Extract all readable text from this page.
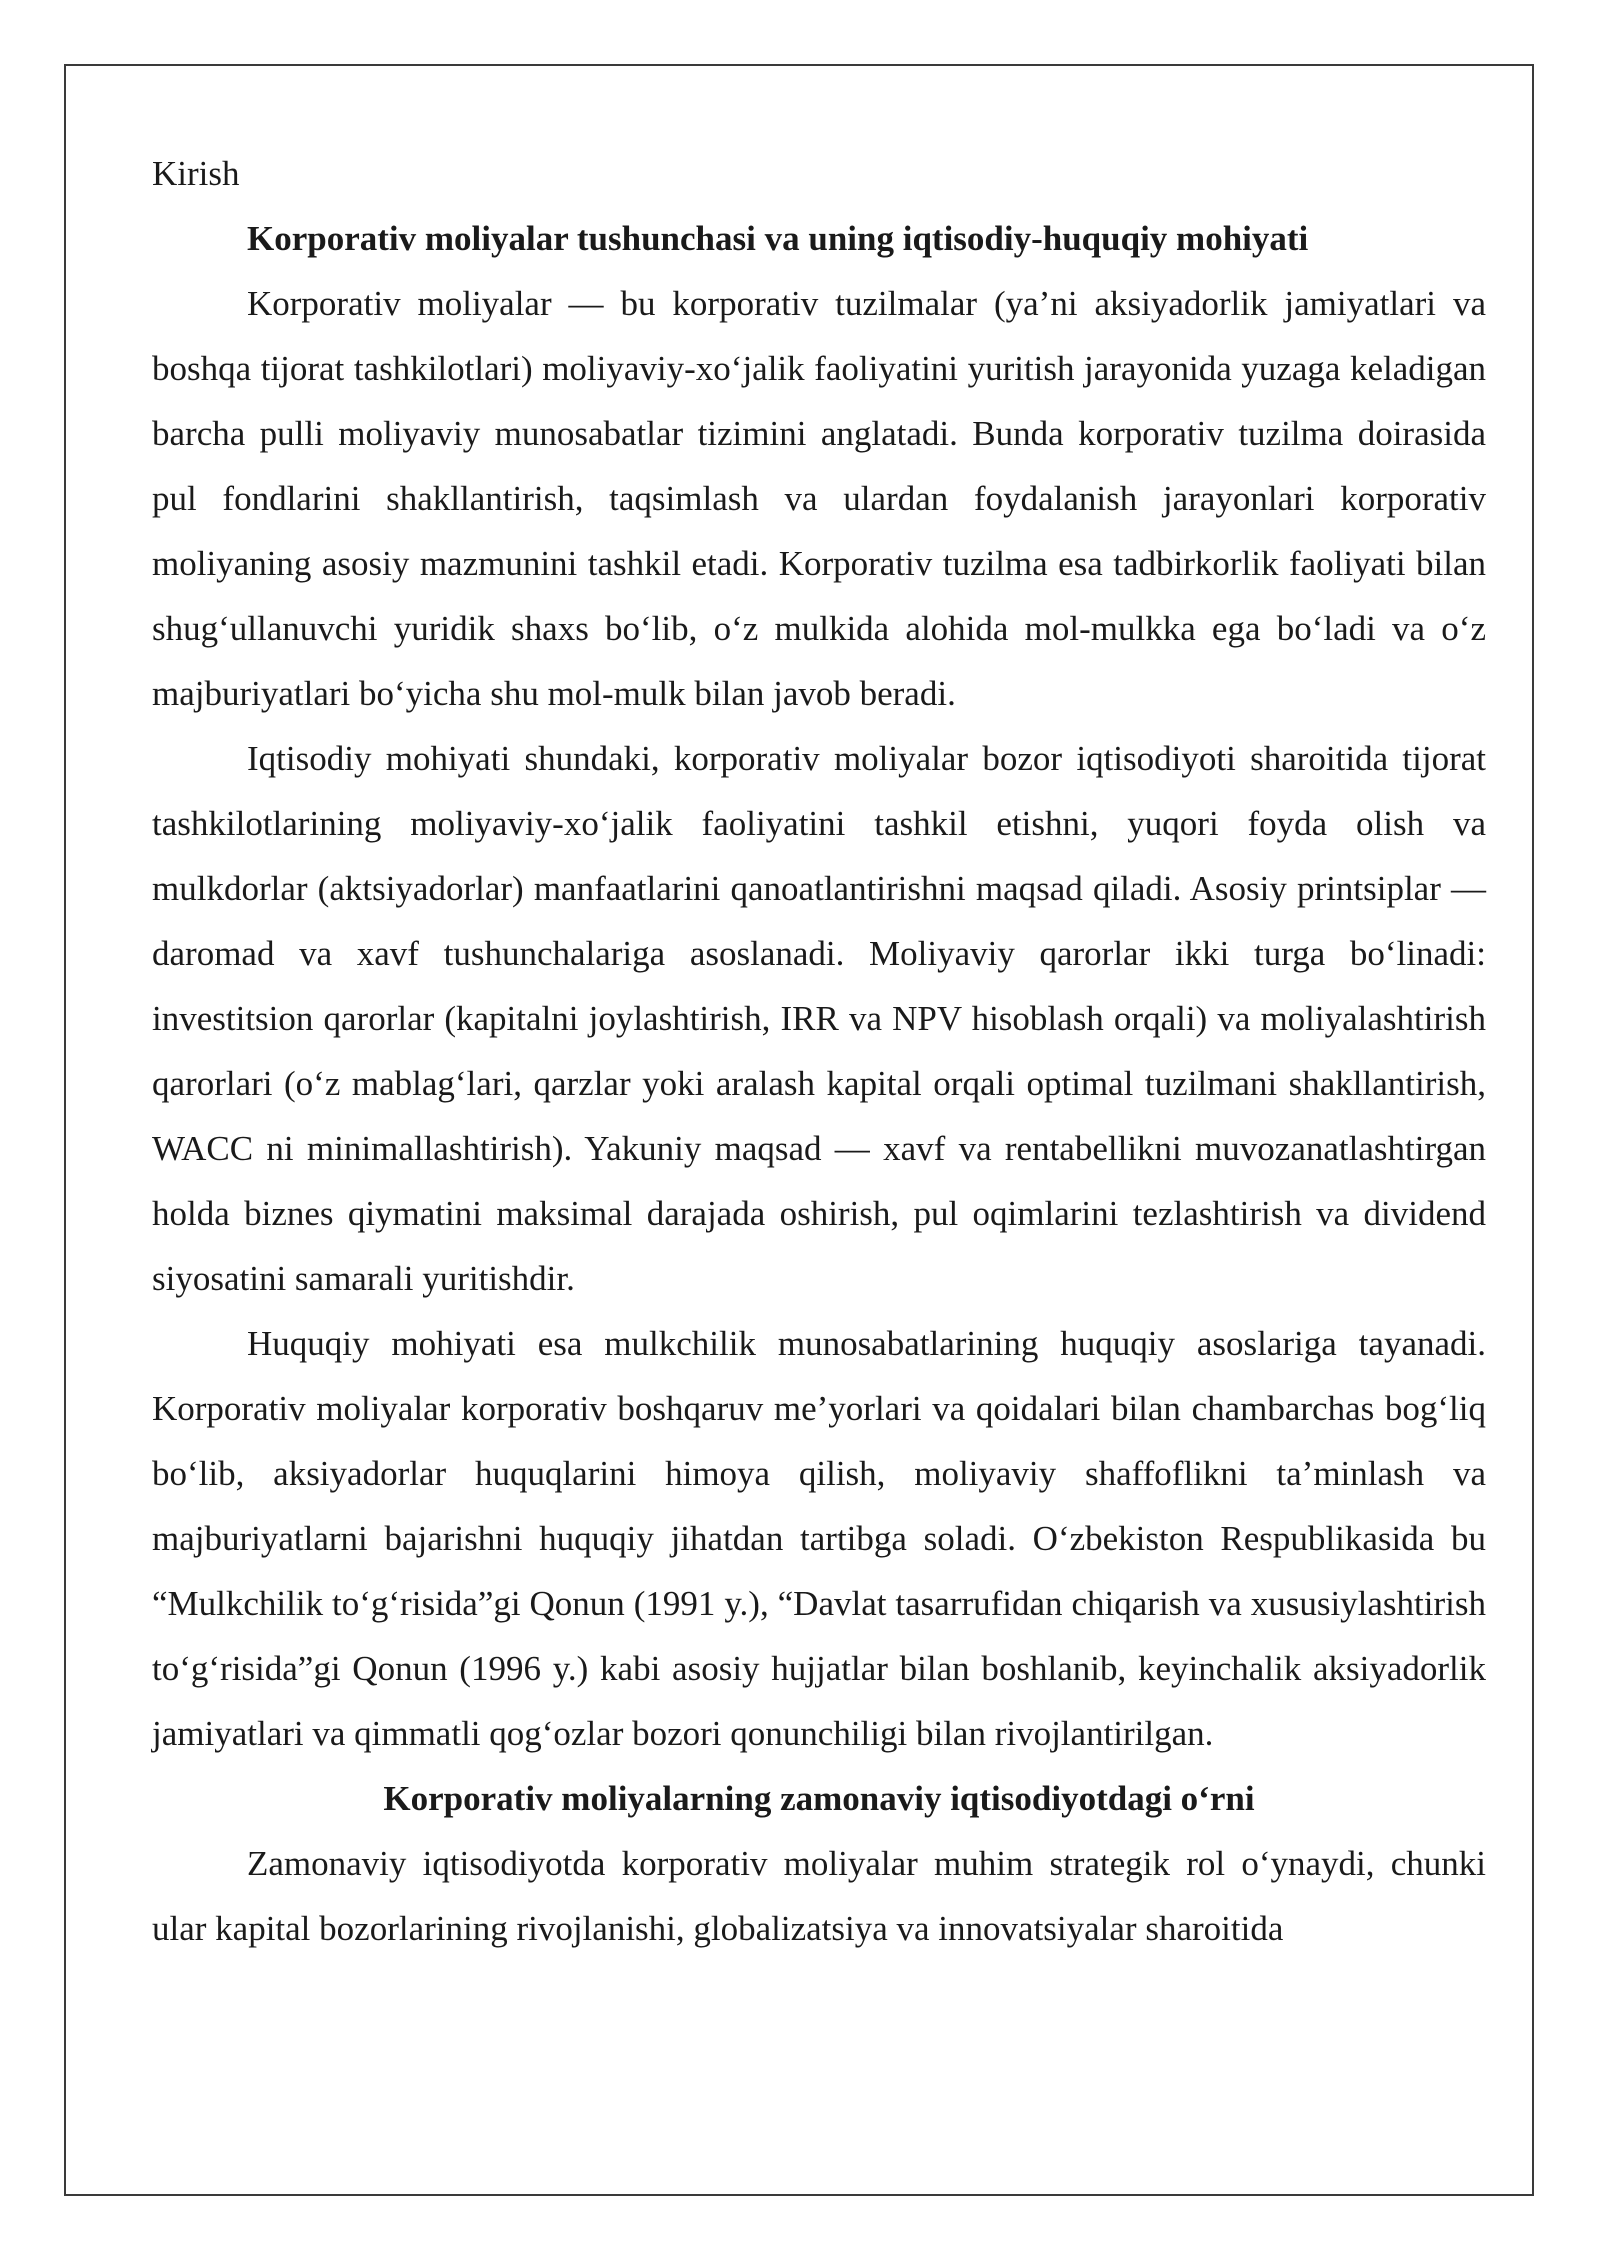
Kirish

Korporativ moliyalar tushunchasi va uning iqtisodiy-huquqiy mohiyati

Korporativ moliyalar — bu korporativ tuzilmalar (ya’ni aksiyadorlik jamiyatlari va boshqa tijorat tashkilotlari) moliyaviy-xo‘jalik faoliyatini yuritish jarayonida yuzaga keladigan barcha pulli moliyaviy munosabatlar tizimini anglatadi. Bunda korporativ tuzilma doirasida pul fondlarini shakllantirish, taqsimlash va ulardan foydalanish jarayonlari korporativ moliyaning asosiy mazmunini tashkil etadi. Korporativ tuzilma esa tadbirkorlik faoliyati bilan shug‘ullanuvchi yuridik shaxs bo‘lib, o‘z mulkida alohida mol-mulkka ega bo‘ladi va o‘z majburiyatlari bo‘yicha shu mol-mulk bilan javob beradi.

Iqtisodiy mohiyati shundaki, korporativ moliyalar bozor iqtisodiyoti sharoitida tijorat tashkilotlarining moliyaviy-xo‘jalik faoliyatini tashkil etishni, yuqori foyda olish va mulkdorlar (aktsiyadorlar) manfaatlarini qanoatlantirishni maqsad qiladi. Asosiy printsiplar — daromad va xavf tushunchalariga asoslanadi. Moliyaviy qarorlar ikki turga bo‘linadi: investitsion qarorlar (kapitalni joylashtirish, IRR va NPV hisoblash orqali) va moliyalashtirish qarorlari (o‘z mablag‘lari, qarzlar yoki aralash kapital orqali optimal tuzilmani shakllantirish, WACC ni minimallashtirish). Yakuniy maqsad — xavf va rentabellikni muvozanatlashtirgan holda biznes qiymatini maksimal darajada oshirish, pul oqimlarini tezlashtirish va dividend siyosatini samarali yuritishdir.

Huquqiy mohiyati esa mulkchilik munosabatlarining huquqiy asoslariga tayanadi. Korporativ moliyalar korporativ boshqaruv me’yorlari va qoidalari bilan chambarchas bog‘liq bo‘lib, aksiyadorlar huquqlarini himoya qilish, moliyaviy shaffoflikni ta’minlash va majburiyatlarni bajarishni huquqiy jihatdan tartibga soladi. O‘zbekiston Respublikasida bu “Mulkchilik to‘g‘risida”gi Qonun (1991 y.), “Davlat tasarrufidan chiqarish va xususiylashtirish to‘g‘risida”gi Qonun (1996 y.) kabi asosiy hujjatlar bilan boshlanib, keyinchalik aksiyadorlik jamiyatlari va qimmatli qog‘ozlar bozori qonunchiligi bilan rivojlantirilgan.

Korporativ moliyalarning zamonaviy iqtisodiyotdagi o‘rni

Zamonaviy iqtisodiyotda korporativ moliyalar muhim strategik rol o‘ynaydi, chunki ular kapital bozorlarining rivojlanishi, globalizatsiya va innovatsiyalar sharoitida
